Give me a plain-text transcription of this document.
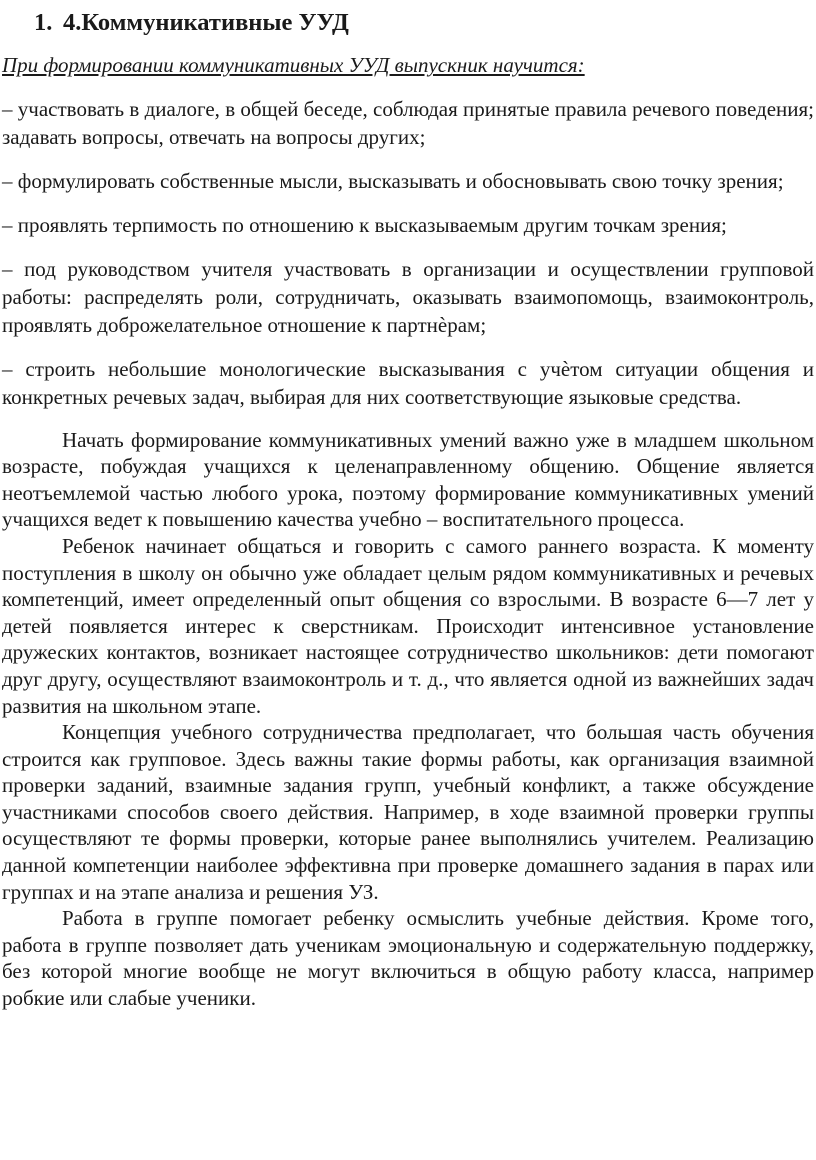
1. 4.Коммуникативные УУД

При формировании коммуникативных УУД выпускник научится:

– участвовать в диалоге, в общей беседе, соблюдая принятые правила речевого поведения; задавать вопросы, отвечать на вопросы других;

– формулировать собственные мысли, высказывать и обосновывать свою точку зрения;

– проявлять терпимость по отношению к высказываемым другим точкам зрения;

– под руководством учителя участвовать в организации и осуществлении групповой работы: распределять роли, сотрудничать, оказывать взаимопомощь, взаимоконтроль, проявлять доброжелательное отношение к партнѐрам;

– строить небольшие монологические высказывания с учѐтом ситуации общения и конкретных речевых задач, выбирая для них соответствующие языковые средства.

Начать формирование коммуникативных умений важно уже в младшем школьном возрасте, побуждая учащихся к целенаправленному общению. Общение является неотъемлемой частью любого урока, поэтому формирование коммуникативных умений учащихся ведет к повышению качества учебно – воспитательного процесса.

Ребенок начинает общаться и говорить с самого раннего возраста. К моменту поступления в школу он обычно уже обладает целым рядом коммуникативных и речевых компетенций, имеет определенный опыт общения со взрослыми. В возрасте 6—7 лет у детей появляется интерес к сверстникам. Происходит интенсивное установление дружеских контактов, возникает настоящее сотрудничество школьников: дети помогают друг другу, осуществляют взаимоконтроль и т. д., что является одной из важнейших задач развития на школьном этапе.

Концепция учебного сотрудничества предполагает, что большая часть обучения строится как групповое. Здесь важны такие формы работы, как организация взаимной проверки заданий, взаимные задания групп, учебный конфликт, а также обсуждение участниками способов своего действия. Например, в ходе взаимной проверки группы осуществляют те формы проверки, которые ранее выполнялись учителем. Реализацию данной компетенции наиболее эффективна при проверке домашнего задания в парах или группах и на этапе анализа и решения УЗ.

Работа в группе помогает ребенку осмыслить учебные действия. Кроме того, работа в группе позволяет дать ученикам эмоциональную и содержательную поддержку, без которой многие вообще не могут включиться в общую работу класса, например робкие или слабые ученики.
